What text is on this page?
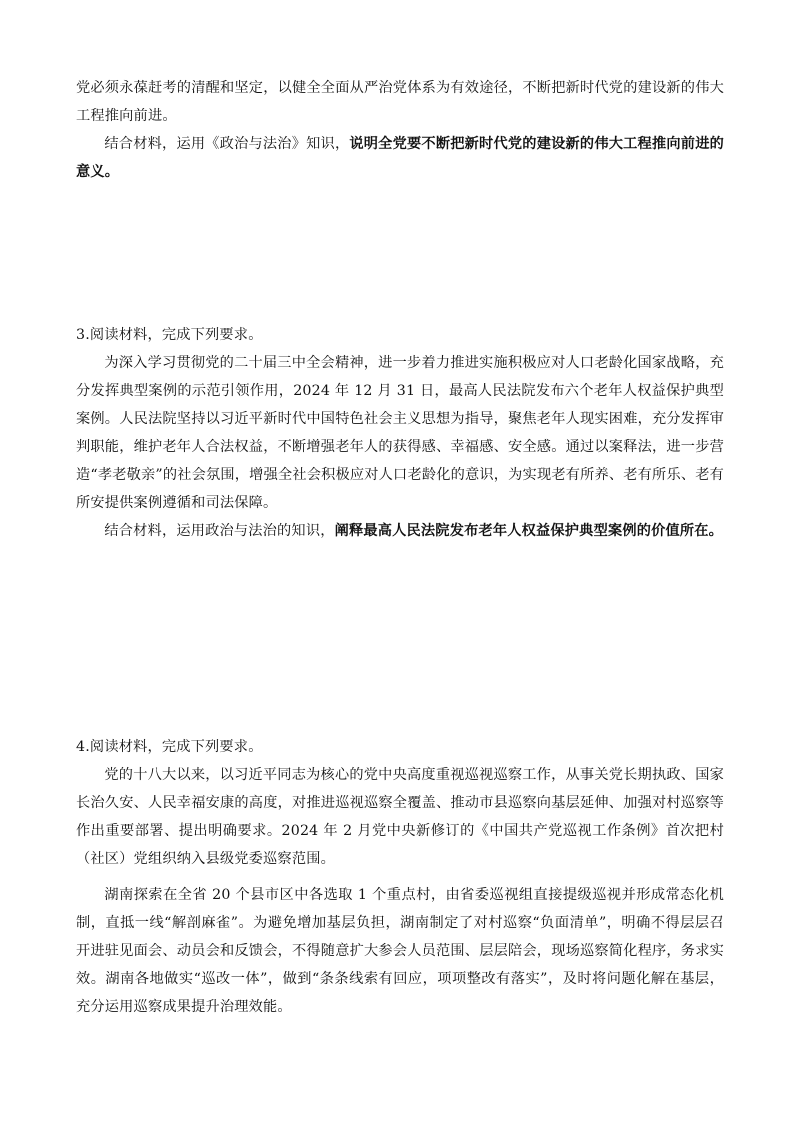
党必须永葆赶考的清醒和坚定，以健全全面从严治党体系为有效途径，不断把新时代党的建设新的伟大工程推向前进。

结合材料，运用《政治与法治》知识，说明全党要不断把新时代党的建设新的伟大工程推向前进的意义。

3.阅读材料，完成下列要求。

为深入学习贯彻党的二十届三中全会精神，进一步着力推进实施积极应对人口老龄化国家战略，充分发挥典型案例的示范引领作用，2024 年 12 月 31 日，最高人民法院发布六个老年人权益保护典型案例。人民法院坚持以习近平新时代中国特色社会主义思想为指导，聚焦老年人现实困难，充分发挥审判职能，维护老年人合法权益，不断增强老年人的获得感、幸福感、安全感。通过以案释法，进一步营造“孝老敬亲”的社会氛围，增强全社会积极应对人口老龄化的意识，为实现老有所养、老有所乐、老有所安提供案例遵循和司法保障。

结合材料，运用政治与法治的知识，阐释最高人民法院发布老年人权益保护典型案例的价值所在。

4.阅读材料，完成下列要求。

党的十八大以来，以习近平同志为核心的党中央高度重视巡视巡察工作，从事关党长期执政、国家长治久安、人民幸福安康的高度，对推进巡视巡察全覆盖、推动市县巡察向基层延伸、加强对村巡察等作出重要部署、提出明确要求。2024 年 2 月党中央新修订的《中国共产党巡视工作条例》首次把村（社区）党组织纳入县级党委巡察范围。

湖南探索在全省 20 个县市区中各选取 1 个重点村，由省委巡视组直接提级巡视并形成常态化机制，直抵一线“解剖麻雀”。为避免增加基层负担，湖南制定了对村巡察“负面清单”，明确不得层层召开进驻见面会、动员会和反馈会，不得随意扩大参会人员范围、层层陪会，现场巡察简化程序，务求实效。湖南各地做实“巡改一体”，做到“条条线索有回应，项项整改有落实”，及时将问题化解在基层，充分运用巡察成果提升治理效能。
